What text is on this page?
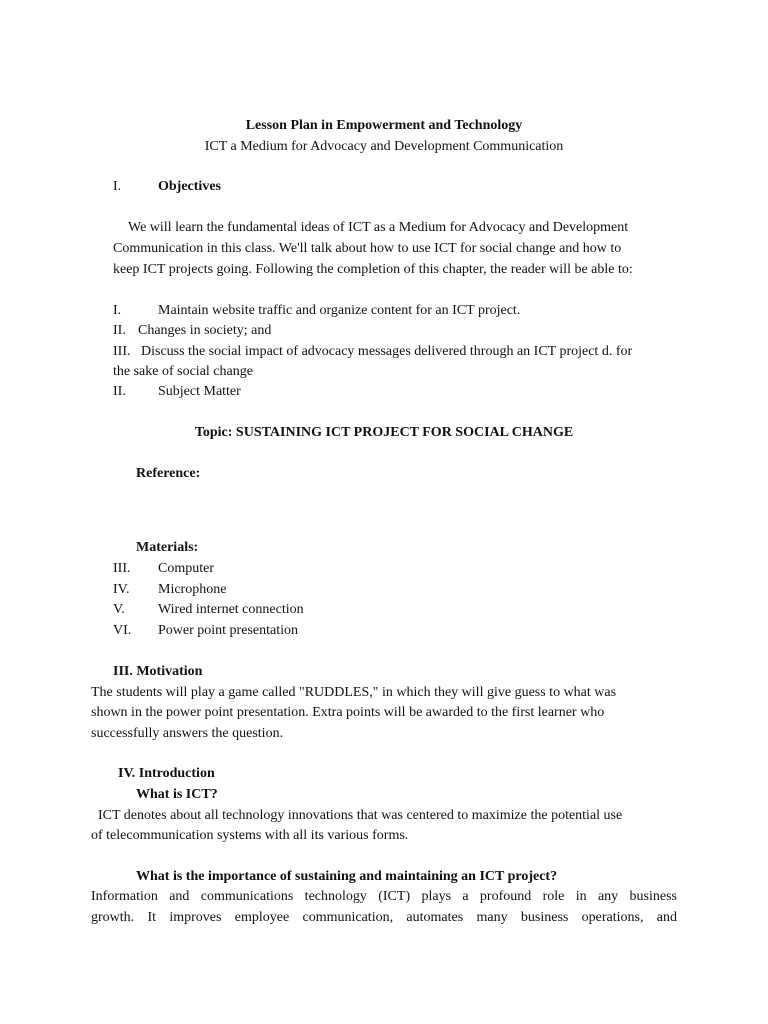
Lesson Plan in Empowerment and Technology
ICT a Medium for Advocacy and Development Communication
I.	Objectives
We will learn the fundamental ideas of ICT as a Medium for Advocacy and Development
Communication in this class. We'll talk about how to use ICT for social change and how to
keep ICT projects going. Following the completion of this chapter, the reader will be able to:
I.	Maintain website traffic and organize content for an ICT project.
II. Changes in society; and
III. Discuss the social impact of advocacy messages delivered through an ICT project d. for
the sake of social change
II. Subject Matter
Topic: SUSTAINING ICT PROJECT FOR SOCIAL CHANGE
Reference:
Materials:
III. Computer
IV. Microphone
V. Wired internet connection
VI. Power point presentation
III. Motivation
The students will play a game called "RUDDLES," in which they will give guess to what was
shown in the power point presentation. Extra points will be awarded to the first learner who
successfully answers the question.
IV. Introduction
What is ICT?
ICT denotes about all technology innovations that was centered to maximize the potential use
of telecommunication systems with all its various forms.
What is the importance of sustaining and maintaining an ICT project?
Information and communications technology (ICT) plays a profound role in any business
growth. It improves employee communication, automates many business operations, and
